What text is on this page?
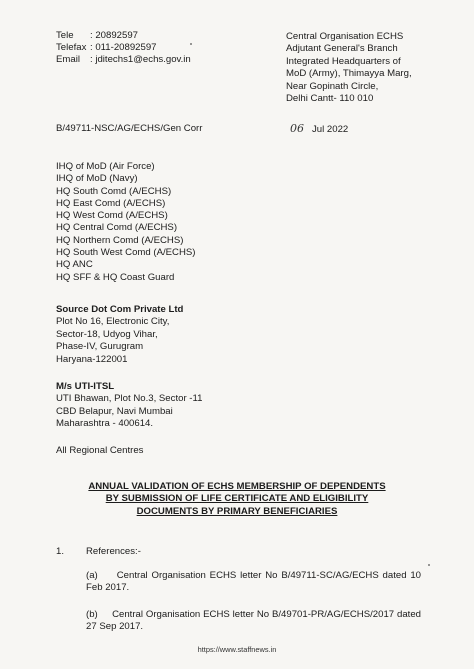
Tele	: 20892597
Telefax : 011-20892597
Email	: jditechs1@echs.gov.in
Central Organisation ECHS
Adjutant General's Branch
Integrated Headquarters of
MoD (Army), Thimayya Marg,
Near Gopinath Circle,
Delhi Cantt- 110 010
B/49711-NSC/AG/ECHS/Gen Corr	06 Jul 2022
IHQ of MoD (Air Force)
IHQ of MoD (Navy)
HQ South Comd (A/ECHS)
HQ East Comd (A/ECHS)
HQ West Comd (A/ECHS)
HQ Central Comd (A/ECHS)
HQ Northern Comd (A/ECHS)
HQ South West Comd (A/ECHS)
HQ ANC
HQ SFF & HQ Coast Guard
Source Dot Com Private Ltd
Plot No 16, Electronic City,
Sector-18, Udyog Vihar,
Phase-IV, Gurugram
Haryana-122001
M/s UTI-ITSL
UTI Bhawan, Plot No.3, Sector -11
CBD Belapur, Navi Mumbai
Maharashtra - 400614.
All Regional Centres
ANNUAL VALIDATION OF ECHS MEMBERSHIP OF DEPENDENTS
BY SUBMISSION OF LIFE CERTIFICATE AND ELIGIBILITY
DOCUMENTS BY PRIMARY BENEFICIARIES
1. References:-
(a) Central Organisation ECHS letter No B/49711-SC/AG/ECHS dated 10 Feb 2017.
(b) Central Organisation ECHS letter No B/49701-PR/AG/ECHS/2017 dated 27 Sep 2017.
https://www.staffnews.in
